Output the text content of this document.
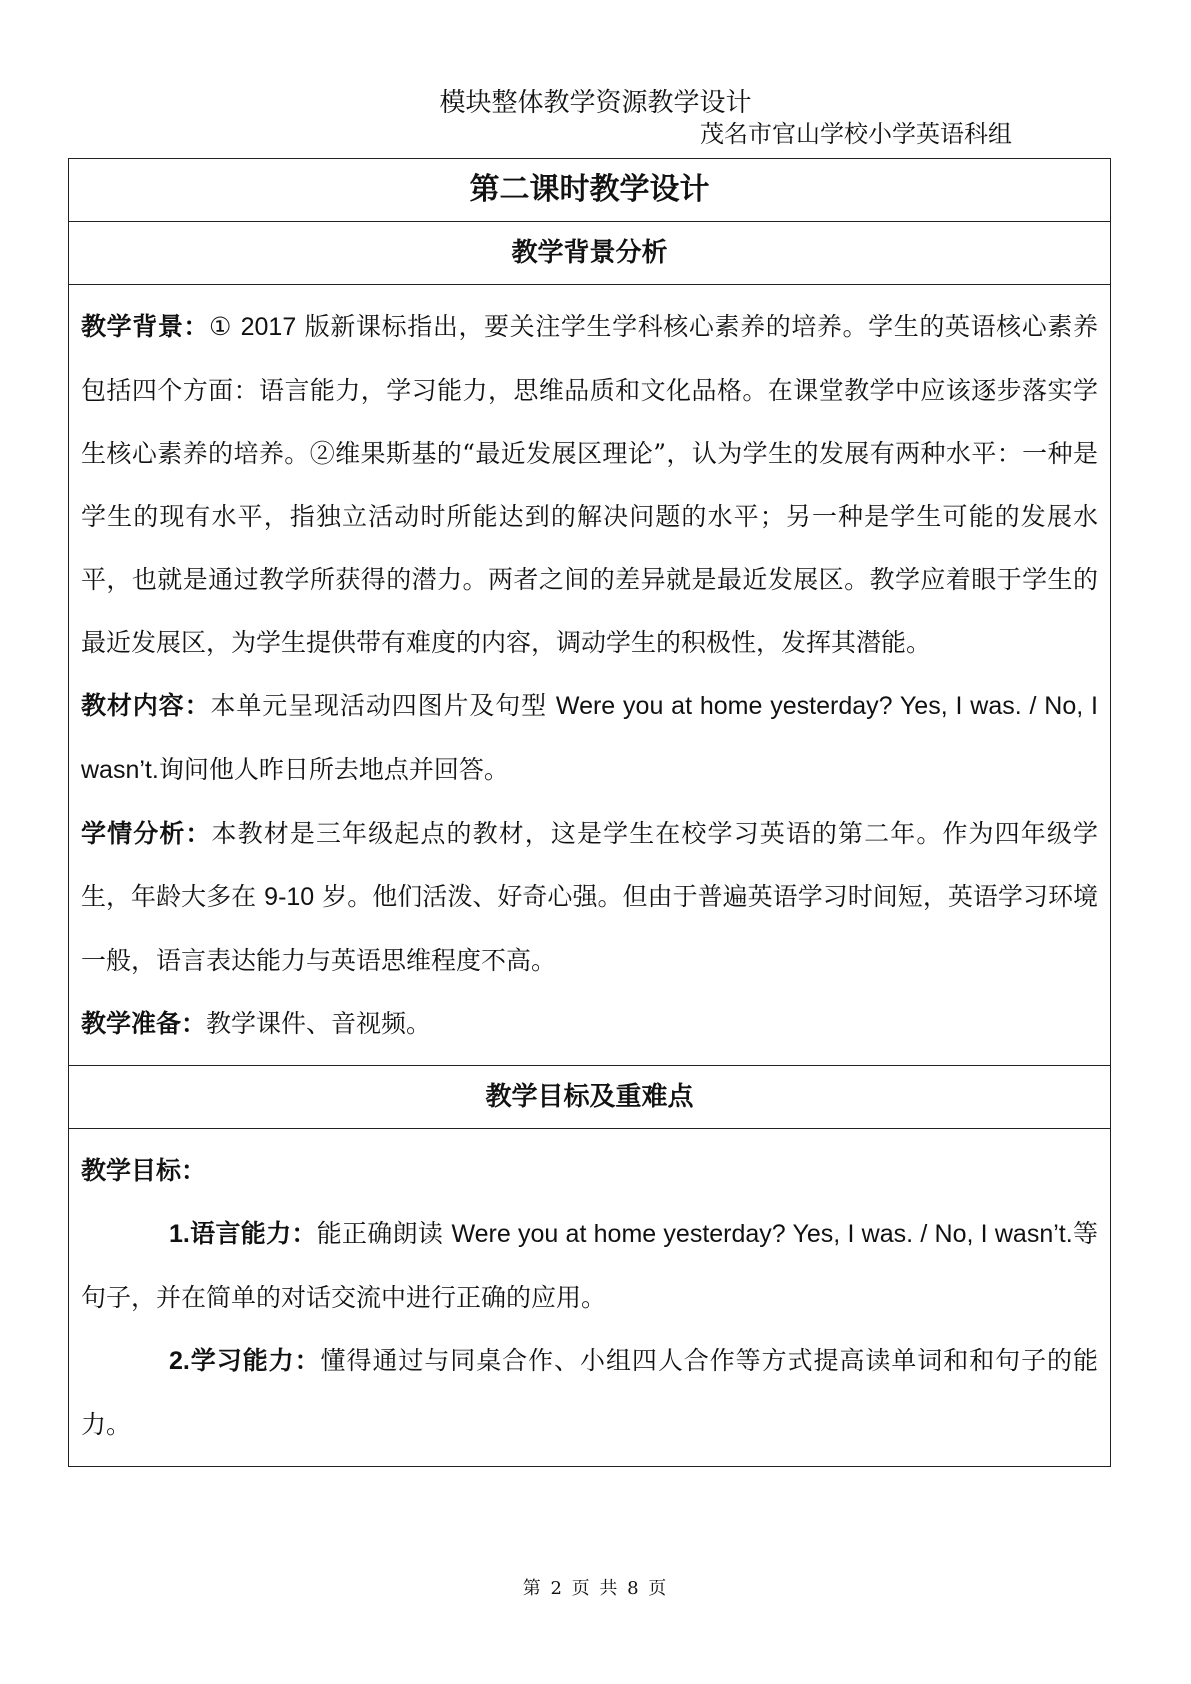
模块整体教学资源教学设计
茂名市官山学校小学英语科组
第二课时教学设计
教学背景分析

教学背景：① 2017 版新课标指出，要关注学生学科核心素养的培养。学生的英语核心素养包括四个方面：语言能力，学习能力，思维品质和文化品格。在课堂教学中应该逐步落实学生核心素养的培养。②维果斯基的“最近发展区理论”，认为学生的发展有两种水平：一种是学生的现有水平，指独立活动时所能达到的解决问题的水平；另一种是学生可能的发展水平，也就是通过教学所获得的潜力。两者之间的差异就是最近发展区。教学应着眼于学生的最近发展区，为学生提供带有难度的内容，调动学生的积极性，发挥其潜能。

教材内容：本单元呈现活动四图片及句型 Were you at home yesterday? Yes, I was. / No, I wasn’t.询问他人昨日所去地点并回答。

学情分析：本教材是三年级起点的教材，这是学生在校学习英语的第二年。作为四年级学生，年龄大多在 9-10 岁。他们活泼、好奇心强。但由于普遍英语学习时间短，英语学习环境一般，语言表达能力与英语思维程度不高。

教学准备：教学课件、音视频。

教学目标及重难点

教学目标：

1.语言能力：能正确朗读 Were you at home yesterday? Yes, I was. / No, I wasn’t.等句子，并在简单的对话交流中进行正确的应用。

2.学习能力：懂得通过与同桌合作、小组四人合作等方式提高读单词和和句子的能力。

第 2 页 共 8 页
